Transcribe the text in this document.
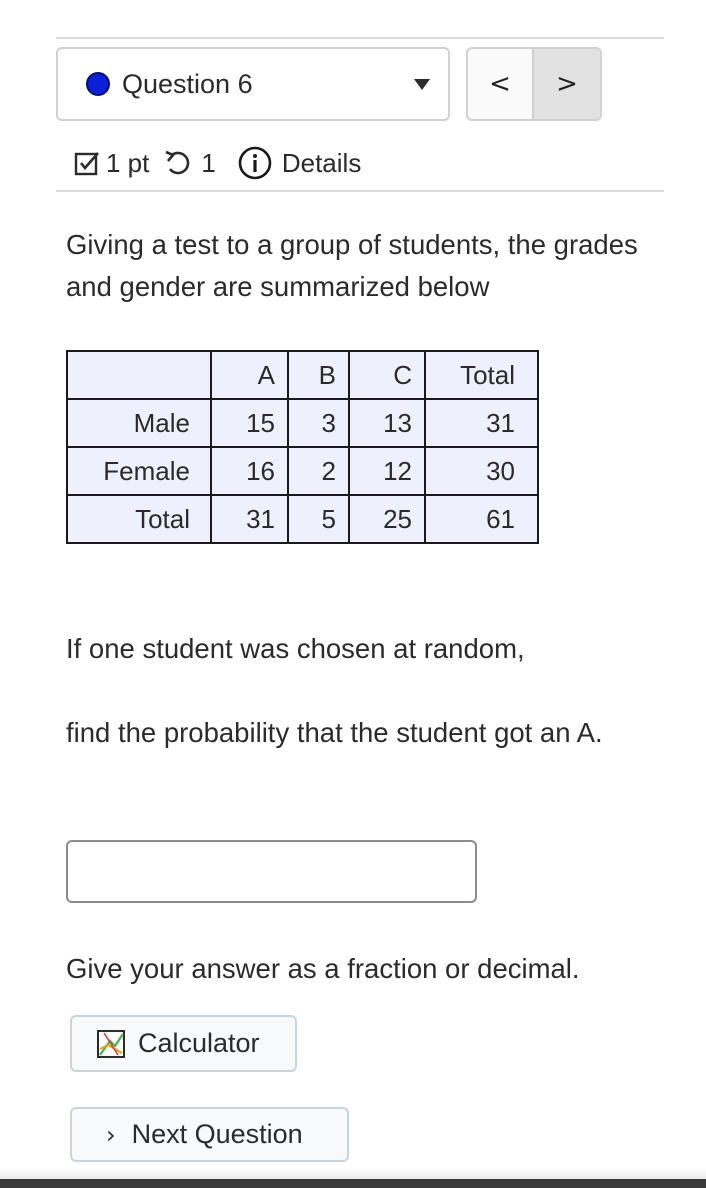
Question 6	< >
1 pt 1	Details

Giving a test to a group of students, the grades and gender are summarized below

	A	B	C	Total
Male	15	3	13	31
Female	16	2	12	30
Total	31	5	25	61

If one student was chosen at random,

find the probability that the student got an A.

Give your answer as a fraction or decimal.

Calculator
› Next Question
